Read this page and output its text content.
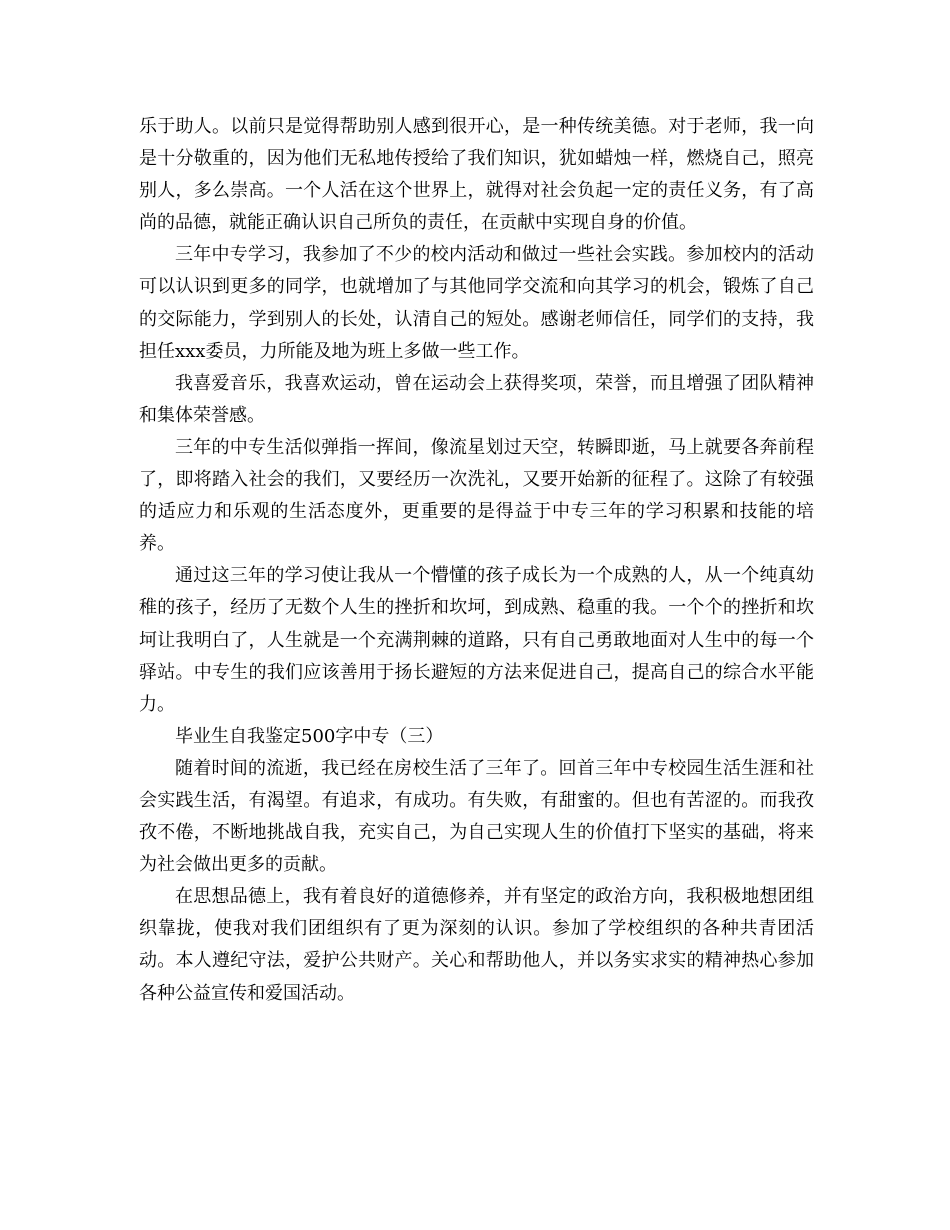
乐于助人。以前只是觉得帮助别人感到很开心，是一种传统美德。对于老师，我一向是十分敬重的，因为他们无私地传授给了我们知识，犹如蜡烛一样，燃烧自己，照亮别人，多么崇高。一个人活在这个世界上，就得对社会负起一定的责任义务，有了高尚的品德，就能正确认识自己所负的责任，在贡献中实现自身的价值。

三年中专学习，我参加了不少的校内活动和做过一些社会实践。参加校内的活动可以认识到更多的同学，也就增加了与其他同学交流和向其学习的机会，锻炼了自己的交际能力，学到别人的长处，认清自己的短处。感谢老师信任，同学们的支持，我担任xxx委员，力所能及地为班上多做一些工作。

我喜爱音乐，我喜欢运动，曾在运动会上获得奖项，荣誉，而且增强了团队精神和集体荣誉感。

三年的中专生活似弹指一挥间，像流星划过天空，转瞬即逝，马上就要各奔前程了，即将踏入社会的我们，又要经历一次洗礼，又要开始新的征程了。这除了有较强的适应力和乐观的生活态度外，更重要的是得益于中专三年的学习积累和技能的培养。

通过这三年的学习使让我从一个懵懂的孩子成长为一个成熟的人，从一个纯真幼稚的孩子，经历了无数个人生的挫折和坎坷，到成熟、稳重的我。一个个的挫折和坎坷让我明白了，人生就是一个充满荆棘的道路，只有自己勇敢地面对人生中的每一个驿站。中专生的我们应该善用于扬长避短的方法来促进自己，提高自己的综合水平能力。

毕业生自我鉴定500字中专（三）

随着时间的流逝，我已经在房校生活了三年了。回首三年中专校园生活生涯和社会实践生活，有渴望。有追求，有成功。有失败，有甜蜜的。但也有苦涩的。而我孜孜不倦，不断地挑战自我，充实自己，为自己实现人生的价值打下坚实的基础，将来为社会做出更多的贡献。

在思想品德上，我有着良好的道德修养，并有坚定的政治方向，我积极地想团组织靠拢，使我对我们团组织有了更为深刻的认识。参加了学校组织的各种共青团活动。本人遵纪守法，爱护公共财产。关心和帮助他人，并以务实求实的精神热心参加各种公益宣传和爱国活动。
